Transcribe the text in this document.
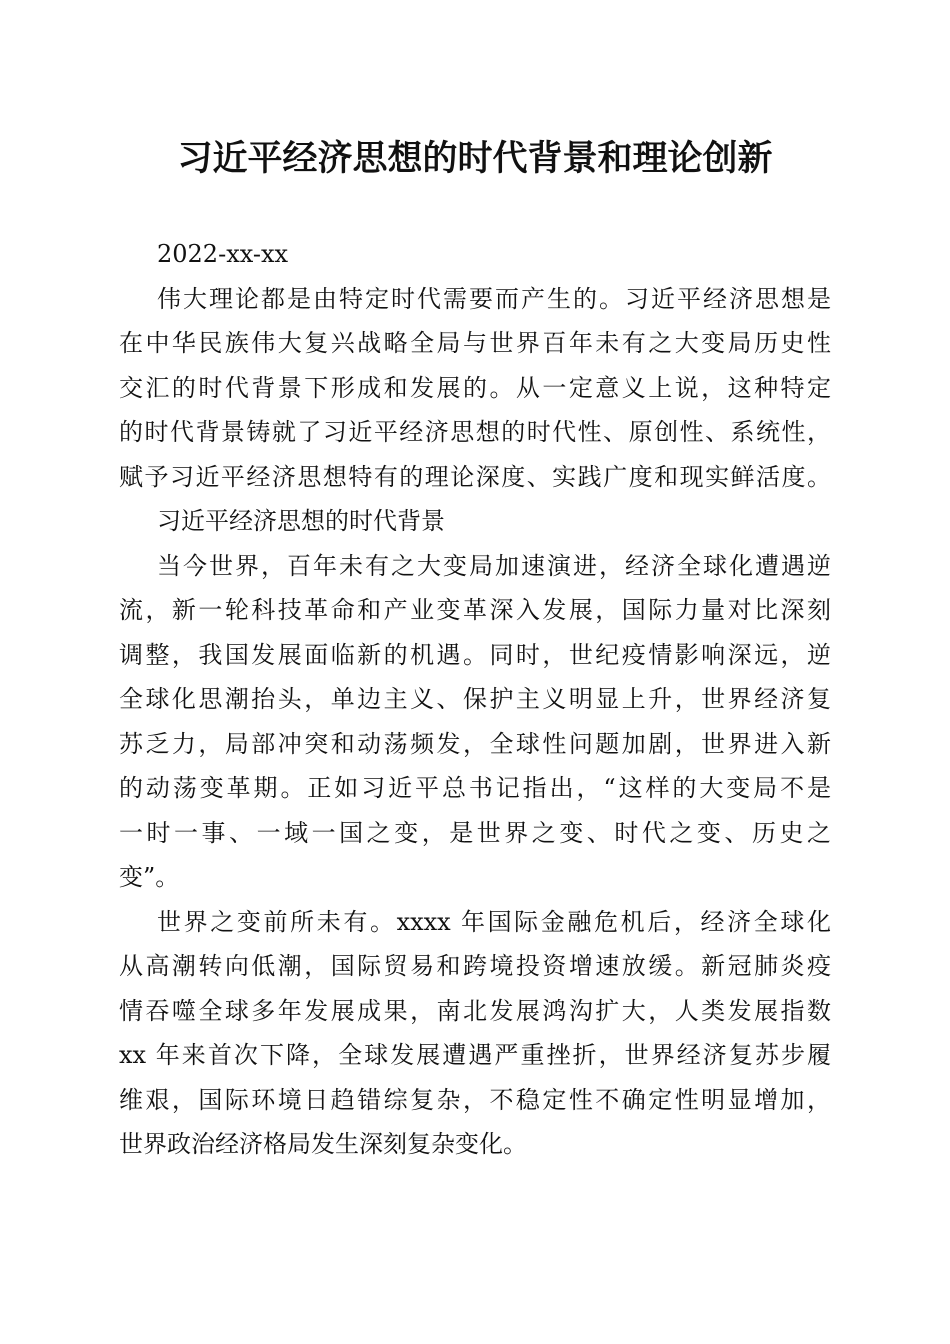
习近平经济思想的时代背景和理论创新
2022-xx-xx
伟大理论都是由特定时代需要而产生的。习近平经济思想是
在中华民族伟大复兴战略全局与世界百年未有之大变局历史性
交汇的时代背景下形成和发展的。从一定意义上说，这种特定
的时代背景铸就了习近平经济思想的时代性、原创性、系统性，
赋予习近平经济思想特有的理论深度、实践广度和现实鲜活度。
习近平经济思想的时代背景
当今世界，百年未有之大变局加速演进，经济全球化遭遇逆
流，新一轮科技革命和产业变革深入发展，国际力量对比深刻
调整，我国发展面临新的机遇。同时，世纪疫情影响深远，逆
全球化思潮抬头，单边主义、保护主义明显上升，世界经济复
苏乏力，局部冲突和动荡频发，全球性问题加剧，世界进入新
的动荡变革期。正如习近平总书记指出，“这样的大变局不是
一时一事、一域一国之变，是世界之变、时代之变、历史之
变”。
世界之变前所未有。xxxx 年国际金融危机后，经济全球化
从高潮转向低潮，国际贸易和跨境投资增速放缓。新冠肺炎疫
情吞噬全球多年发展成果，南北发展鸿沟扩大，人类发展指数
xx 年来首次下降，全球发展遭遇严重挫折，世界经济复苏步履
维艰，国际环境日趋错综复杂，不稳定性不确定性明显增加，
世界政治经济格局发生深刻复杂变化。
